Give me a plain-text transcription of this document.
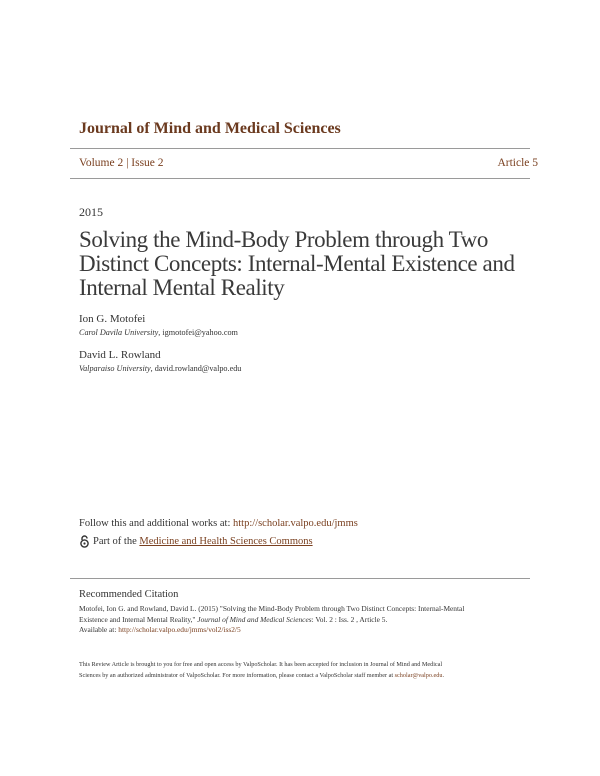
Journal of Mind and Medical Sciences
Volume 2 | Issue 2	Article 5
2015
Solving the Mind-Body Problem through Two Distinct Concepts: Internal-Mental Existence and Internal Mental Reality
Ion G. Motofei
Carol Davila University, igmotofei@yahoo.com
David L. Rowland
Valparaiso University, david.rowland@valpo.edu
Follow this and additional works at: http://scholar.valpo.edu/jmms
Part of the
Medicine and Health Sciences Commons
Recommended Citation
Motofei, Ion G. and Rowland, David L. (2015) "Solving the Mind-Body Problem through Two Distinct Concepts: Internal-Mental
Existence and Internal Mental Reality," Journal of Mind and Medical Sciences: Vol. 2 : Iss. 2 , Article 5.
Available at: http://scholar.valpo.edu/jmms/vol2/iss2/5
This Review Article is brought to you for free and open access by ValpoScholar. It has been accepted for inclusion in Journal of Mind and Medical
Sciences by an authorized administrator of ValpoScholar. For more information, please contact a ValpoScholar staff member at scholar@valpo.edu.
